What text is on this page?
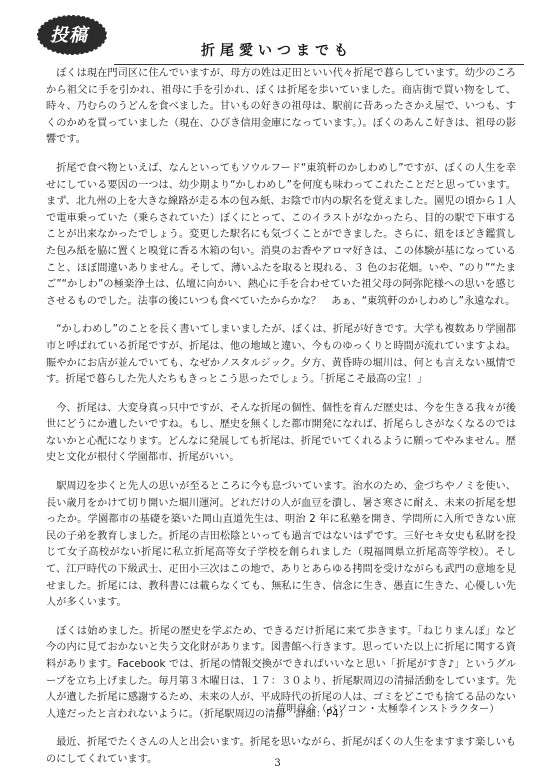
投稿
折尾愛いつまでも

ぼくは現在門司区に住んでいますが、母方の姓は疋田といい代々折尾で暮らしています。幼少のころから祖父に手を引かれ、祖母に手を引かれ、ぼくは折尾を歩いていました。商店街で買い物をして、時々、乃むらのうどんを食べました。甘いもの好きの祖母は、駅前に昔あったさかえ屋で、いつも、すくのかめを買っていました（現在、ひびき信用金庫になっています。）。ぼくのあんこ好きは、祖母の影響です。

折尾で食べ物といえば、なんといってもソウルフード“東筑軒のかしわめし”ですが、ぼくの人生を幸せにしている要因の一つは、幼少期より“かしわめし”を何度も味わってこれたことだと思っています。まず、北九州の上を大きな線路が走る本の包み紙、お陰で市内の駅名を覚えました。園児の頃から１人で電車乗っていた（乗らされていた）ぼくにとって、このイラストがなかったら、目的の駅で下車することが出来なかったでしょう。変更した駅名にも気づくことができました。さらに、紐をほどき鑑賞した包み紙を脇に置くと嗅覚に香る木箱の匂い。消臭のお香やアロマ好きは、この体験が基になっていること、ほぼ間違いありません。そして、薄いふたを取ると現れる、３ 色のお花畑。いや、“のり”“たまご”“かしわ”の極楽浄土は、仏壇に向かい、熱心に手を合わせていた祖父母の阿弥陀様への思いを感じさせるものでした。法事の後にいつも食べていたからかな？　あぁ、“東筑軒のかしわめし”永遠なれ。

“かしわめし”のことを長く書いてしまいましたが、ぼくは、折尾が好きです。大学も複数あり学園都市と呼ばれている折尾ですが、折尾は、他の地域と違い、今ものゆっくりと時間が流れていますよね。賑やかにお店が並んでいても、なぜかノスタルジック。夕方、黄昏時の堀川は、何とも言えない風情です。折尾で暮らした先人たちもきっとこう思ったでしょう。「折尾こそ最高の宝！」

今、折尾は、大変身真っ只中ですが、そんな折尾の個性、個性を育んだ歴史は、今を生きる我々が後世にどうにか遺したいですね。もし、歴史を無くした都市開発になれば、折尾らしさがなくなるのではないかと心配になります。どんなに発展しても折尾は、折尾でいてくれるように願ってやみません。歴史と文化が根付く学園都市、折尾がいい。

駅周辺を歩くと先人の思いが至るところに今も息づいています。治水のため、金づちやノミを使い、長い歳月をかけて切り開いた堀川運河。どれだけの人が血豆を潰し、暑さ寒さに耐え、未来の折尾を想ったか。学園都市の基礎を築いた岡山直道先生は、明治 2 年に私塾を開き、学問所に入所できない庶民の子弟を教育しました。折尾の吉田松陰といっても過言ではないはずです。三好セキ女史も私財を投じて女子高校がない折尾に私立折尾高等女子学校を創られました（現福岡県立折尾高等学校）。そして、江戸時代の下級武士、疋田小三次はこの地で、ありとあらゆる拷問を受けながらも武門の意地を見せました。折尾には、教科書には載らなくても、無私に生き、信念に生き、愚直に生きた、心優しい先人が多くいます。

ぼくは始めました。折尾の歴史を学ぶため、できるだけ折尾に来て歩きます。「ねじりまんぽ」など今の内に見ておかないと失う文化財があります。図書館へ行きます。思っていた以上に折尾に関する資料があります。Facebook では、折尾の情報交換ができればいいなと思い「折尾がすき♪」というグループを立ち上げました。毎月第３木曜日は、１７：３０より、折尾駅周辺の清掃活動をしています。先人が遺した折尾に感謝するため、未来の人が、平成時代の折尾の人は、ゴミをどこでも捨てる品のない人達だったと言われないように。（折尾駅周辺の清掃　詳細：P4）

最近、折尾でたくさんの人と出会います。折尾を思いながら、折尾がぼくの人生をますます楽しいものにしてくれています。

荒明良介（パソコン・太極拳インストラクター）
3
